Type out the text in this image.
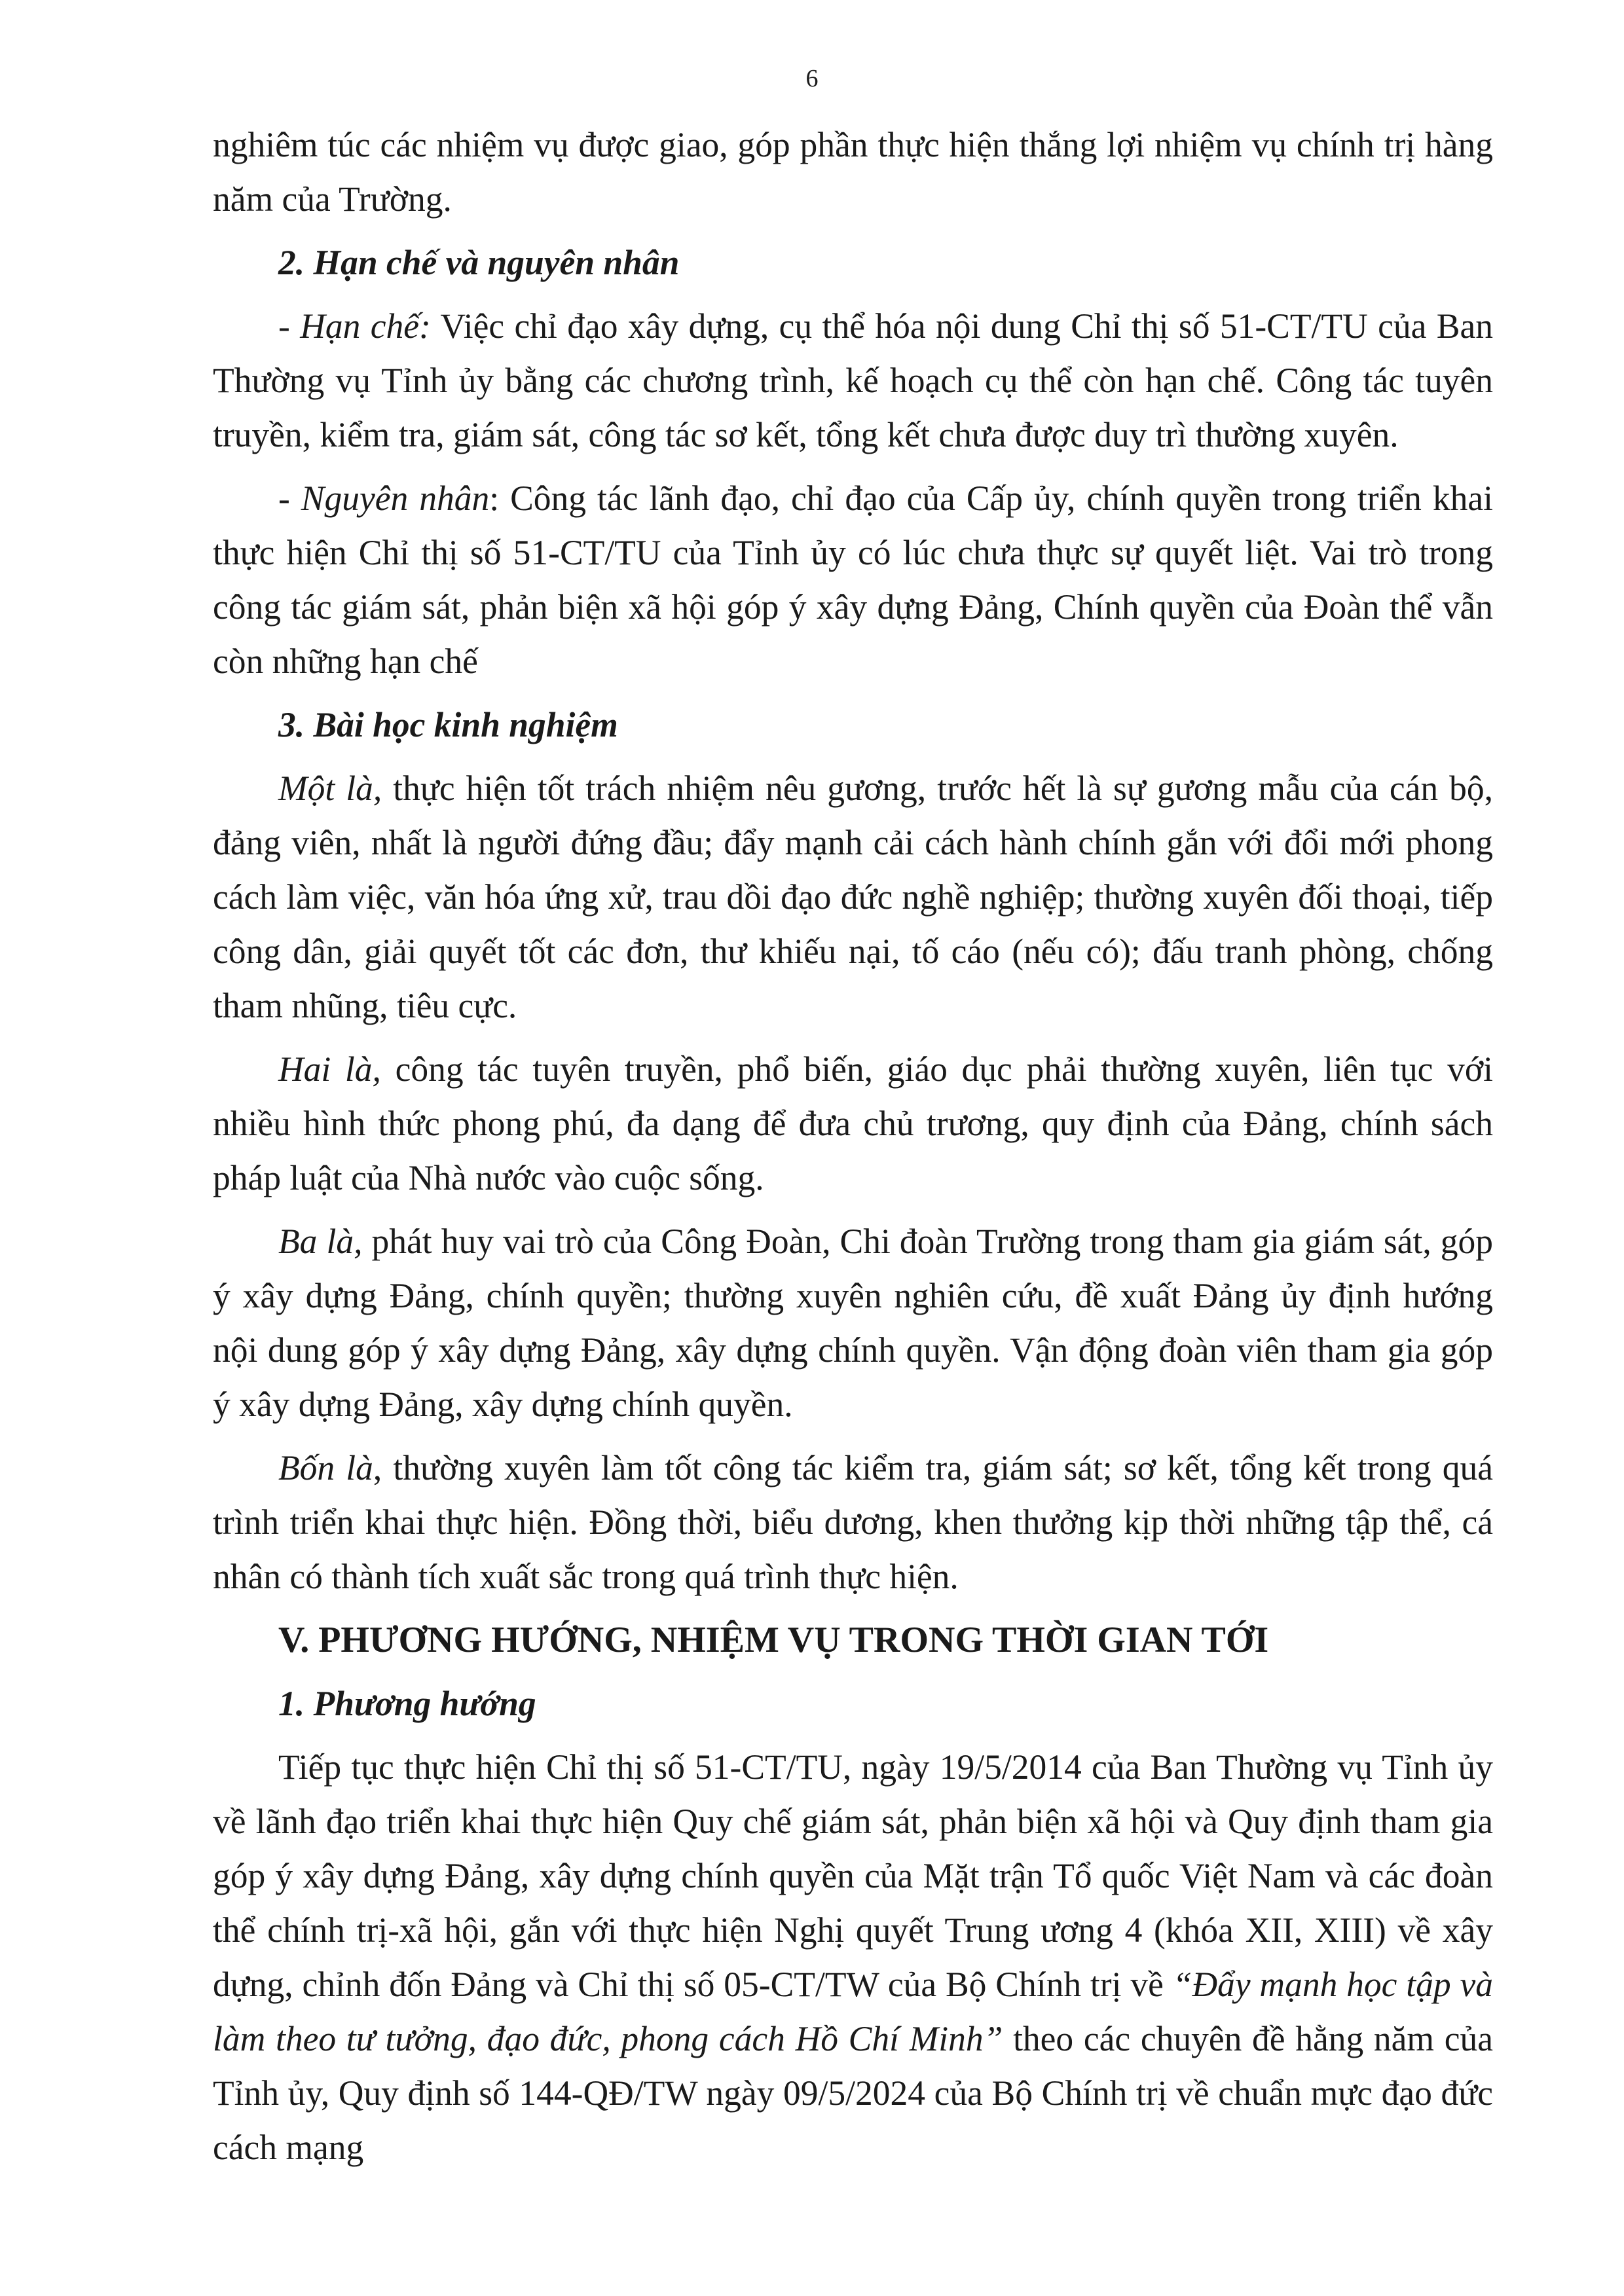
6

nghiêm túc các nhiệm vụ được giao, góp phần thực hiện thắng lợi nhiệm vụ chính trị hàng năm của Trường.

2. Hạn chế và nguyên nhân

- Hạn chế: Việc chỉ đạo xây dựng, cụ thể hóa nội dung Chỉ thị số 51-CT/TU của Ban Thường vụ Tỉnh ủy bằng các chương trình, kế hoạch cụ thể còn hạn chế. Công tác tuyên truyền, kiểm tra, giám sát, công tác sơ kết, tổng kết chưa được duy trì thường xuyên.

- Nguyên nhân: Công tác lãnh đạo, chỉ đạo của Cấp ủy, chính quyền trong triển khai thực hiện Chỉ thị số 51-CT/TU của Tỉnh ủy có lúc chưa thực sự quyết liệt. Vai trò trong công tác giám sát, phản biện xã hội góp ý xây dựng Đảng, Chính quyền của Đoàn thể vẫn còn những hạn chế

3. Bài học kinh nghiệm

Một là, thực hiện tốt trách nhiệm nêu gương, trước hết là sự gương mẫu của cán bộ, đảng viên, nhất là người đứng đầu; đẩy mạnh cải cách hành chính gắn với đổi mới phong cách làm việc, văn hóa ứng xử, trau dồi đạo đức nghề nghiệp; thường xuyên đối thoại, tiếp công dân, giải quyết tốt các đơn, thư khiếu nại, tố cáo (nếu có); đấu tranh phòng, chống tham nhũng, tiêu cực.

Hai là, công tác tuyên truyền, phổ biến, giáo dục phải thường xuyên, liên tục với nhiều hình thức phong phú, đa dạng để đưa chủ trương, quy định của Đảng, chính sách pháp luật của Nhà nước vào cuộc sống.

Ba là, phát huy vai trò của Công Đoàn, Chi đoàn Trường trong tham gia giám sát, góp ý xây dựng Đảng, chính quyền; thường xuyên nghiên cứu, đề xuất Đảng ủy định hướng nội dung góp ý xây dựng Đảng, xây dựng chính quyền. Vận động đoàn viên tham gia góp ý xây dựng Đảng, xây dựng chính quyền.

Bốn là, thường xuyên làm tốt công tác kiểm tra, giám sát; sơ kết, tổng kết trong quá trình triển khai thực hiện. Đồng thời, biểu dương, khen thưởng kịp thời những tập thể, cá nhân có thành tích xuất sắc trong quá trình thực hiện.

V. PHƯƠNG HƯỚNG, NHIỆM VỤ TRONG THỜI GIAN TỚI
1. Phương hướng

Tiếp tục thực hiện Chỉ thị số 51-CT/TU, ngày 19/5/2014 của Ban Thường vụ Tỉnh ủy về lãnh đạo triển khai thực hiện Quy chế giám sát, phản biện xã hội và Quy định tham gia góp ý xây dựng Đảng, xây dựng chính quyền của Mặt trận Tổ quốc Việt Nam và các đoàn thể chính trị-xã hội, gắn với thực hiện Nghị quyết Trung ương 4 (khóa XII, XIII) về xây dựng, chỉnh đốn Đảng và Chỉ thị số 05-CT/TW của Bộ Chính trị về “Đẩy mạnh học tập và làm theo tư tưởng, đạo đức, phong cách Hồ Chí Minh” theo các chuyên đề hằng năm của Tỉnh ủy, Quy định số 144-QĐ/TW ngày 09/5/2024 của Bộ Chính trị về chuẩn mực đạo đức cách mạng
